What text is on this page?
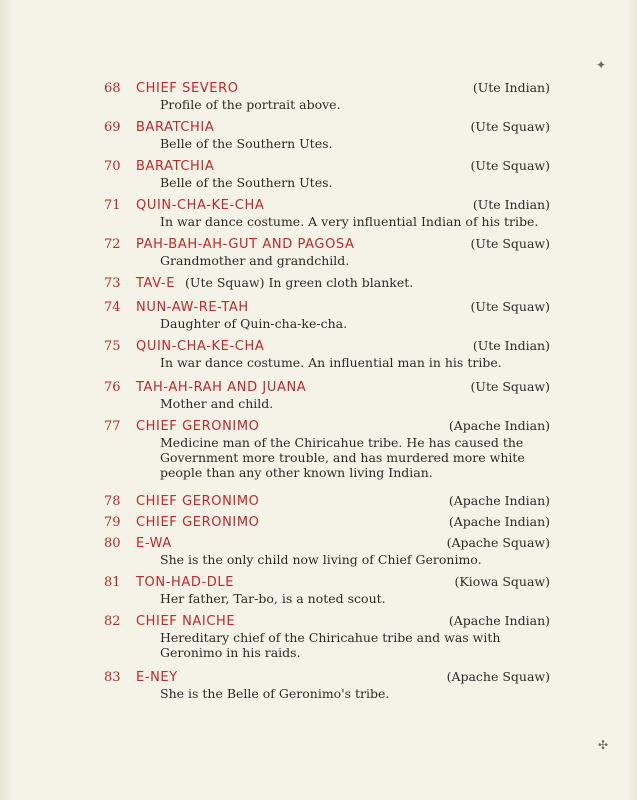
68	CHIEF SEVERO	(Ute Indian)
Profile of the portrait above.
69	BARATCHIA	(Ute Squaw)
Belle of the Southern Utes.
70	BARATCHIA	(Ute Squaw)
Belle of the Southern Utes.
71	QUIN-CHA-KE-CHA	(Ute Indian)
In war dance costume. A very influential Indian of his tribe.
72	PAH-BAH-AH-GUT AND PAGOSA	(Ute Squaw)
Grandmother and grandchild.
73	TAV-E (Ute Squaw) In green cloth blanket.
74	NUN-AW-RE-TAH	(Ute Squaw)
Daughter of Quin-cha-ke-cha.
75	QUIN-CHA-KE-CHA	(Ute Indian)
In war dance costume. An influential man in his tribe.
76	TAH-AH-RAH AND JUANA	(Ute Squaw)
Mother and child.
77	CHIEF GERONIMO	(Apache Indian)
Medicine man of the Chiricahue tribe. He has caused the Government more trouble, and has murdered more white people than any other known living Indian.
78	CHIEF GERONIMO	(Apache Indian)
79	CHIEF GERONIMO	(Apache Indian)
80	E-WA	(Apache Squaw)
She is the only child now living of Chief Geronimo.
81	TON-HAD-DLE	(Kiowa Squaw)
Her father, Tar-bo, is a noted scout.
82	CHIEF NAICHE	(Apache Indian)
Hereditary chief of the Chiricahue tribe and was with Geronimo in his raids.
83	E-NEY	(Apache Squaw)
She is the Belle of Geronimo's tribe.
✦
✣
